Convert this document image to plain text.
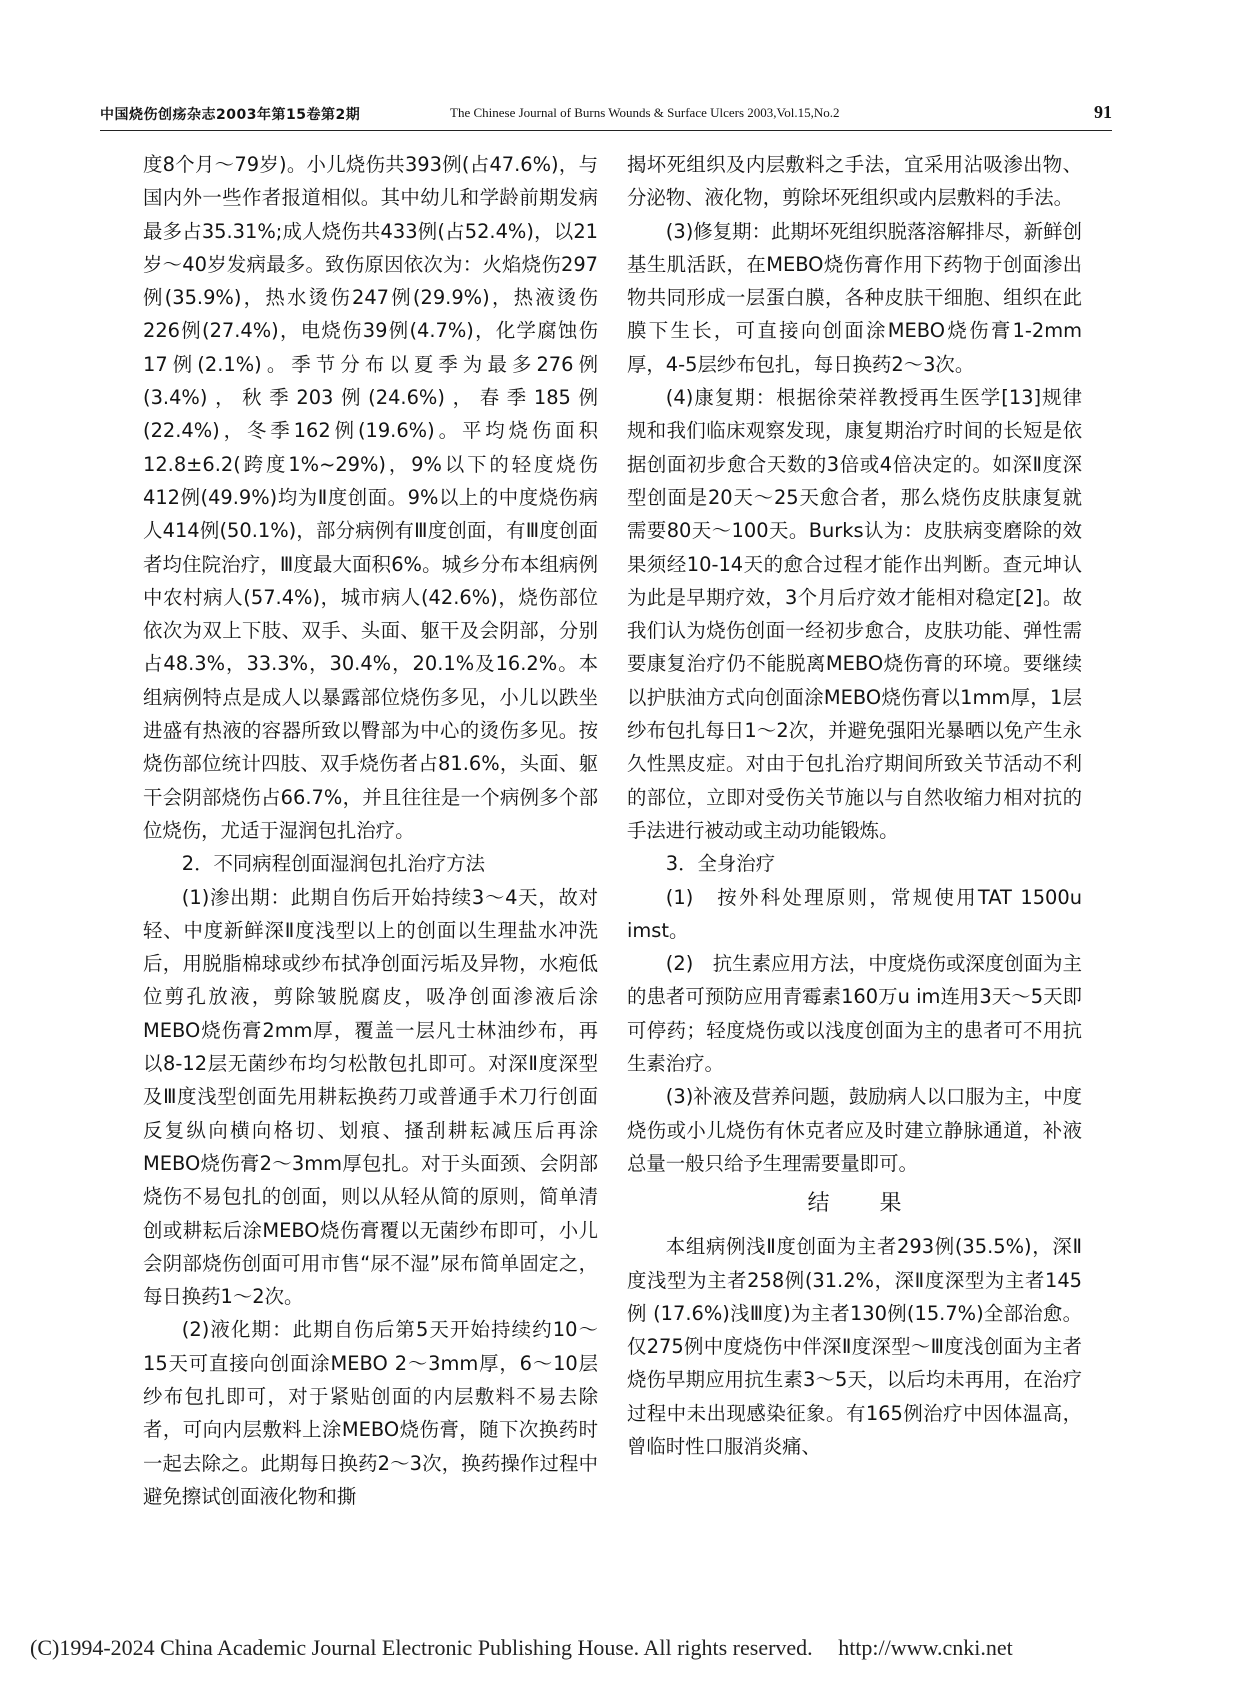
中国烧伤创疡杂志2003年第15卷第2期	The Chinese Journal of Burns Wounds & Surface Ulcers 2003,Vol.15,No.2	91

度8个月～79岁)。小儿烧伤共393例(占47.6%)，与国内外一些作者报道相似。其中幼儿和学龄前期发病最多占35.31%;成人烧伤共433例(占52.4%)，以21岁～40岁发病最多。致伤原因依次为：火焰烧伤297例(35.9%)，热水烫伤247例(29.9%)，热液烫伤226例(27.4%)，电烧伤39例(4.7%)，化学腐蚀伤17例(2.1%)。季节分布以夏季为最多276例(3.4%)，秋季203例(24.6%)，春季185例(22.4%)，冬季162例(19.6%)。平均烧伤面积12.8±6.2(跨度1%~29%)，9%以下的轻度烧伤412例(49.9%)均为Ⅱ度创面。9%以上的中度烧伤病人414例(50.1%)，部分病例有Ⅲ度创面，有Ⅲ度创面者均住院治疗，Ⅲ度最大面积6%。城乡分布本组病例中农村病人(57.4%)，城市病人(42.6%)，烧伤部位依次为双上下肢、双手、头面、躯干及会阴部，分别占48.3%，33.3%，30.4%，20.1%及16.2%。本组病例特点是成人以暴露部位烧伤多见，小儿以跌坐进盛有热液的容器所致以臀部为中心的烫伤多见。按烧伤部位统计四肢、双手烧伤者占81.6%，头面、躯干会阴部烧伤占66.7%，并且往往是一个病例多个部位烧伤，尤适于湿润包扎治疗。

2．不同病程创面湿润包扎治疗方法

(1)渗出期：此期自伤后开始持续3～4天，故对轻、中度新鲜深Ⅱ度浅型以上的创面以生理盐水冲洗后，用脱脂棉球或纱布拭净创面污垢及异物，水疱低位剪孔放液，剪除皱脱腐皮，吸净创面渗液后涂MEBO烧伤膏2mm厚，覆盖一层凡士林油纱布，再以8-12层无菌纱布均匀松散包扎即可。对深Ⅱ度深型及Ⅲ度浅型创面先用耕耘换药刀或普通手术刀行创面反复纵向横向格切、划痕、搔刮耕耘减压后再涂MEBO烧伤膏2～3mm厚包扎。对于头面颈、会阴部烧伤不易包扎的创面，则以从轻从简的原则，简单清创或耕耘后涂MEBO烧伤膏覆以无菌纱布即可，小儿会阴部烧伤创面可用市售“尿不湿”尿布简单固定之，每日换药1～2次。

(2)液化期：此期自伤后第5天开始持续约10～15天可直接向创面涂MEBO 2～3mm厚，6～10层纱布包扎即可，对于紧贴创面的内层敷料不易去除者，可向内层敷料上涂MEBO烧伤膏，随下次换药时一起去除之。此期每日换药2～3次，换药操作过程中避免擦试创面液化物和撕

揭坏死组织及内层敷料之手法，宜采用沾吸渗出物、分泌物、液化物，剪除坏死组织或内层敷料的手法。

(3)修复期：此期坏死组织脱落溶解排尽，新鲜创基生肌活跃，在MEBO烧伤膏作用下药物于创面渗出物共同形成一层蛋白膜，各种皮肤干细胞、组织在此膜下生长，可直接向创面涂MEBO烧伤膏1-2mm厚，4-5层纱布包扎，每日换药2～3次。

(4)康复期：根据徐荣祥教授再生医学[13]规律规和我们临床观察发现，康复期治疗时间的长短是依据创面初步愈合天数的3倍或4倍决定的。如深Ⅱ度深型创面是20天～25天愈合者，那么烧伤皮肤康复就需要80天～100天。Burks认为：皮肤病变磨除的效果须经10-14天的愈合过程才能作出判断。查元坤认为此是早期疗效，3个月后疗效才能相对稳定[2]。故我们认为烧伤创面一经初步愈合，皮肤功能、弹性需要康复治疗仍不能脱离MEBO烧伤膏的环境。要继续以护肤油方式向创面涂MEBO烧伤膏以1mm厚，1层纱布包扎每日1～2次，并避免强阳光暴晒以免产生永久性黑皮症。对由于包扎治疗期间所致关节活动不利的部位，立即对受伤关节施以与自然收缩力相对抗的手法进行被动或主动功能锻炼。

3．全身治疗

(1)　按外科处理原则，常规使用TAT 1500u imst。

(2)　抗生素应用方法，中度烧伤或深度创面为主的患者可预防应用青霉素160万u im连用3天～5天即可停药；轻度烧伤或以浅度创面为主的患者可不用抗生素治疗。

(3)补液及营养问题，鼓励病人以口服为主，中度烧伤或小儿烧伤有休克者应及时建立静脉通道，补液总量一般只给予生理需要量即可。

结果

本组病例浅Ⅱ度创面为主者293例(35.5%)，深Ⅱ度浅型为主者258例(31.2%，深Ⅱ度深型为主者145例 (17.6%)浅Ⅲ度)为主者130例(15.7%)全部治愈。仅275例中度烧伤中伴深Ⅱ度深型～Ⅲ度浅创面为主者烧伤早期应用抗生素3～5天，以后均未再用，在治疗过程中未出现感染征象。有165例治疗中因体温高，曾临时性口服消炎痛、

(C)1994-2024 China Academic Journal Electronic Publishing House. All rights reserved. http://www.cnki.net
